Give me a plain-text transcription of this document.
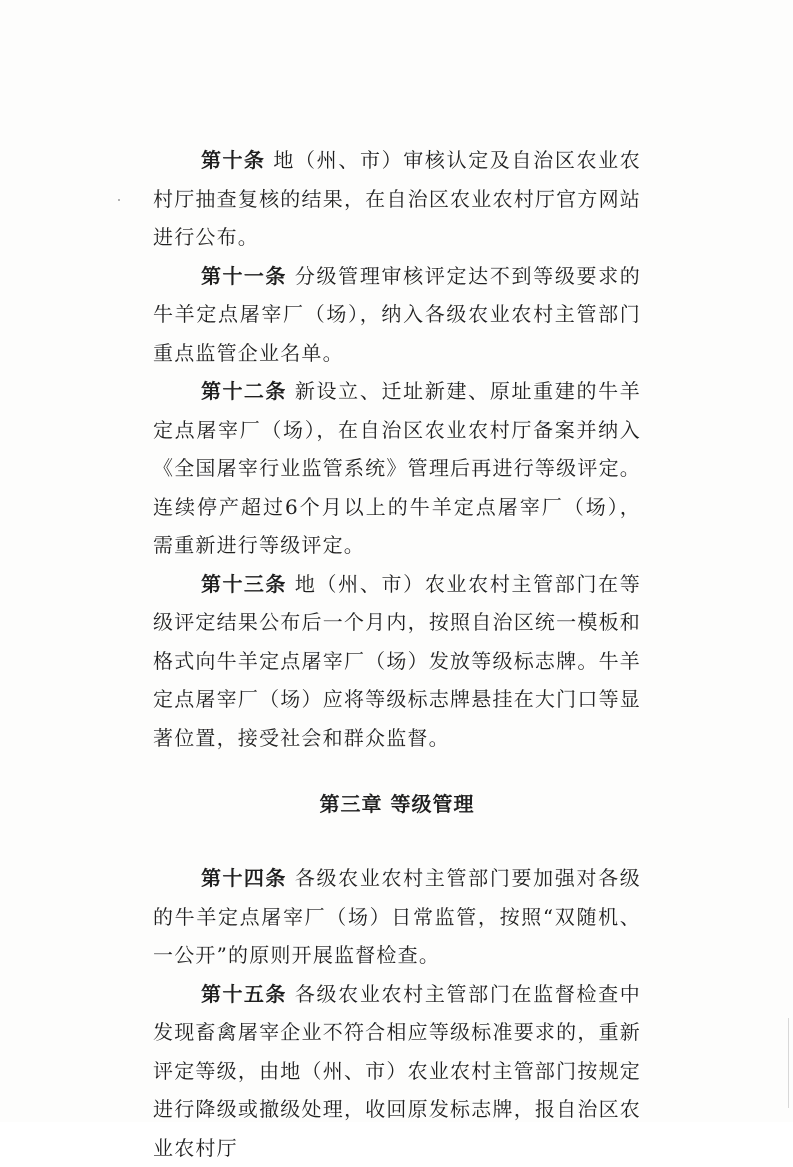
第十条 地（州、市）审核认定及自治区农业农村厅抽查复核的结果，在自治区农业农村厅官方网站进行公布。

第十一条 分级管理审核评定达不到等级要求的牛羊定点屠宰厂（场），纳入各级农业农村主管部门重点监管企业名单。

第十二条 新设立、迁址新建、原址重建的牛羊定点屠宰厂（场），在自治区农业农村厅备案并纳入《全国屠宰行业监管系统》管理后再进行等级评定。连续停产超过6个月以上的牛羊定点屠宰厂（场），需重新进行等级评定。

第十三条 地（州、市）农业农村主管部门在等级评定结果公布后一个月内，按照自治区统一模板和格式向牛羊定点屠宰厂（场）发放等级标志牌。牛羊定点屠宰厂（场）应将等级标志牌悬挂在大门口等显著位置，接受社会和群众监督。

第三章 等级管理

第十四条 各级农业农村主管部门要加强对各级的牛羊定点屠宰厂（场）日常监管，按照“双随机、一公开”的原则开展监督检查。

第十五条 各级农业农村主管部门在监督检查中发现畜禽屠宰企业不符合相应等级标准要求的，重新评定等级，由地（州、市）农业农村主管部门按规定进行降级或撤级处理，收回原发标志牌，报自治区农业农村厅
